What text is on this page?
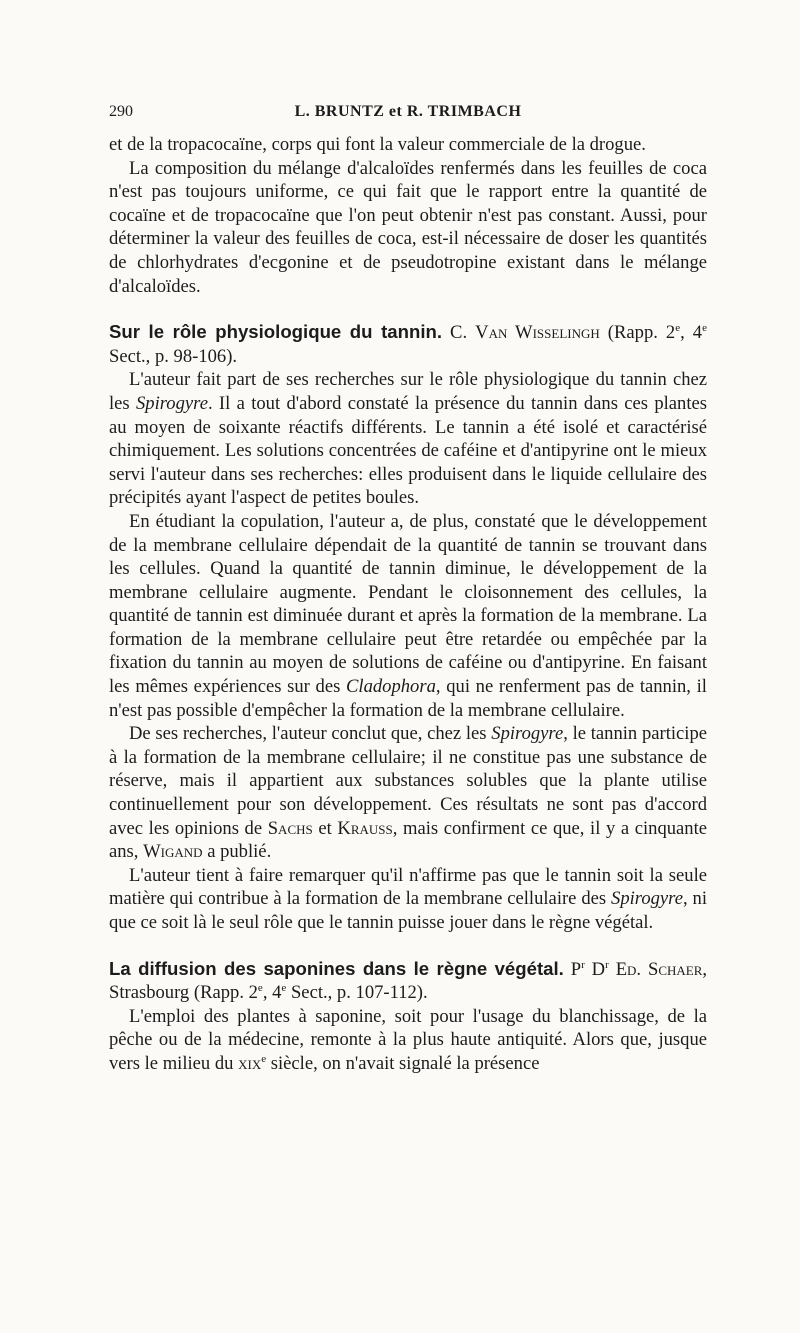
290	L. BRUNTZ et R. TRIMBACH

et de la tropacocaïne, corps qui font la valeur commerciale de la drogue.

La composition du mélange d'alcaloïdes renfermés dans les feuilles de coca n'est pas toujours uniforme, ce qui fait que le rapport entre la quantité de cocaïne et de tropacocaïne que l'on peut obtenir n'est pas constant. Aussi, pour déterminer la valeur des feuilles de coca, est-il nécessaire de doser les quantités de chlorhydrates d'ecgonine et de pseudotropine existant dans le mélange d'alcaloïdes.

Sur le rôle physiologique du tannin. C. Van Wisselingh (Rapp. 2e, 4e Sect., p. 98-106).

L'auteur fait part de ses recherches sur le rôle physiologique du tannin chez les Spirogyre. Il a tout d'abord constaté la présence du tannin dans ces plantes au moyen de soixante réactifs différents. Le tannin a été isolé et caractérisé chimiquement. Les solutions concentrées de caféine et d'antipyrine ont le mieux servi l'auteur dans ses recherches: elles produisent dans le liquide cellulaire des précipités ayant l'aspect de petites boules.

En étudiant la copulation, l'auteur a, de plus, constaté que le développement de la membrane cellulaire dépendait de la quantité de tannin se trouvant dans les cellules. Quand la quantité de tannin diminue, le développement de la membrane cellulaire augmente. Pendant le cloisonnement des cellules, la quantité de tannin est diminuée durant et après la formation de la membrane. La formation de la membrane cellulaire peut être retardée ou empêchée par la fixation du tannin au moyen de solutions de caféine ou d'antipyrine. En faisant les mêmes expériences sur des Cladophora, qui ne renferment pas de tannin, il n'est pas possible d'empêcher la formation de la membrane cellulaire.

De ses recherches, l'auteur conclut que, chez les Spirogyre, le tannin participe à la formation de la membrane cellulaire; il ne constitue pas une substance de réserve, mais il appartient aux substances solubles que la plante utilise continuellement pour son développement. Ces résultats ne sont pas d'accord avec les opinions de Sachs et Krauss, mais confirment ce que, il y a cinquante ans, Wigand a publié.

L'auteur tient à faire remarquer qu'il n'affirme pas que le tannin soit la seule matière qui contribue à la formation de la membrane cellulaire des Spirogyre, ni que ce soit là le seul rôle que le tannin puisse jouer dans le règne végétal.

La diffusion des saponines dans le règne végétal. $P^r$ $D^r$ Ed. Schaer, Strasbourg (Rapp. 2e, 4e Sect., p. 107-112).

L'emploi des plantes à saponine, soit pour l'usage du blanchissage, de la pêche ou de la médecine, remonte à la plus haute antiquité. Alors que, jusque vers le milieu du xix$^e$ siècle, on n'avait signalé la présence
